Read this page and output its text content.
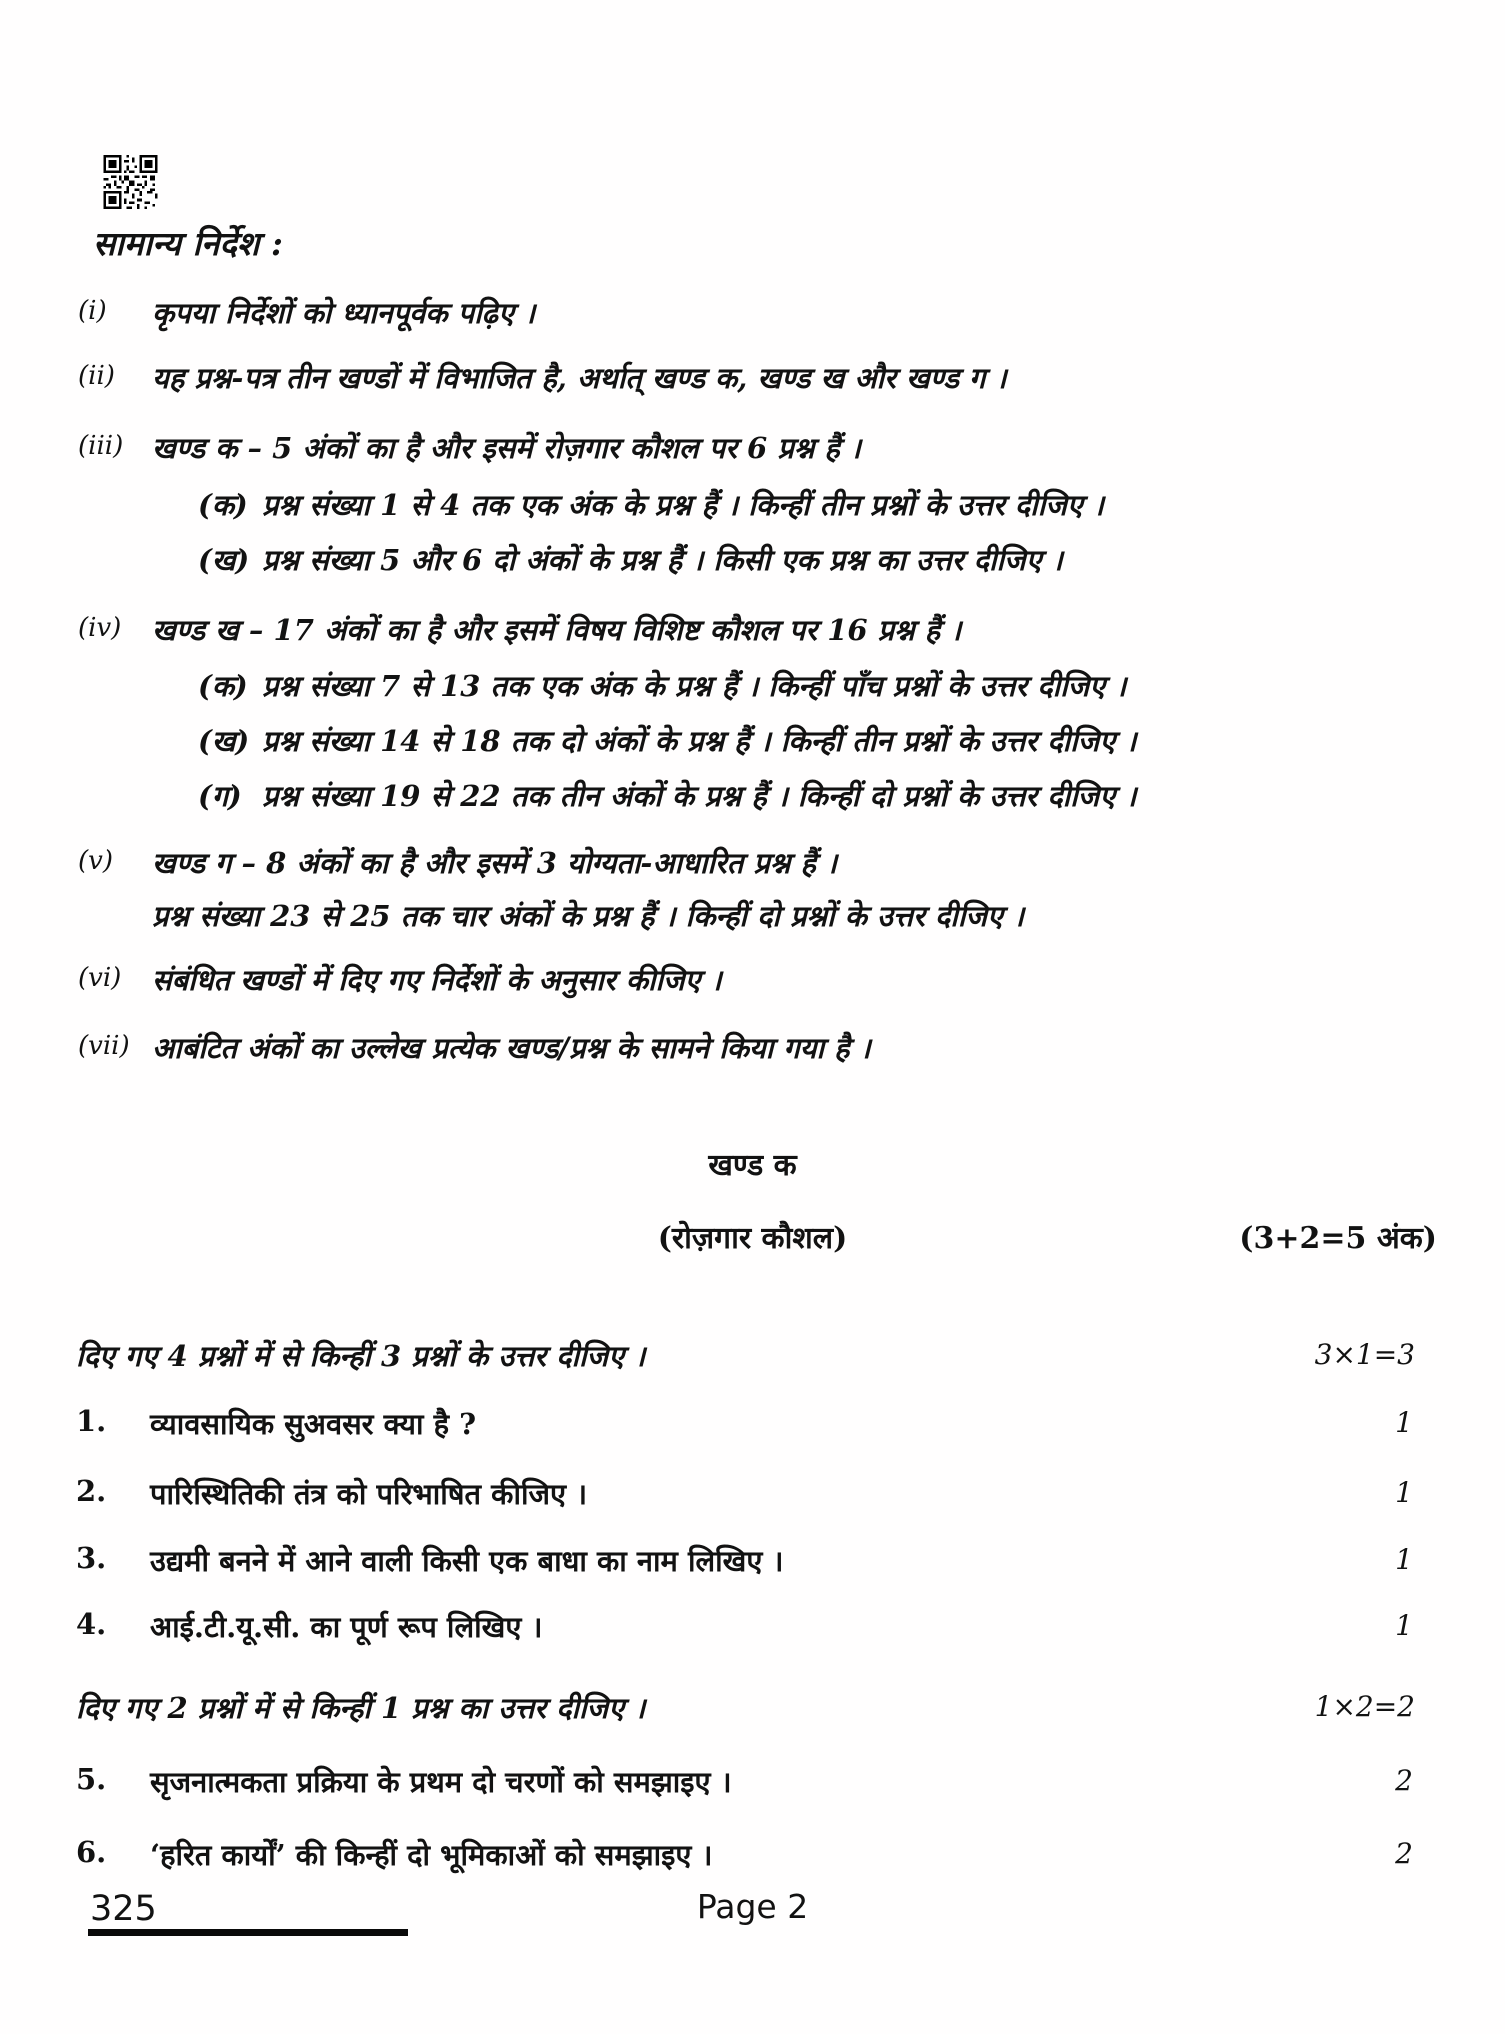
सामान्य निर्देश :
(i) कृपया निर्देशों को ध्यानपूर्वक पढ़िए ।
(ii) यह प्रश्न-पत्र तीन खण्डों में विभाजित है, अर्थात् खण्ड क, खण्ड ख और खण्ड ग ।
(iii) खण्ड क – 5 अंकों का है और इसमें रोज़गार कौशल पर 6 प्रश्न हैं ।
(क) प्रश्न संख्या 1 से 4 तक एक अंक के प्रश्न हैं । किन्हीं तीन प्रश्नों के उत्तर दीजिए ।
(ख) प्रश्न संख्या 5 और 6 दो अंकों के प्रश्न हैं । किसी एक प्रश्न का उत्तर दीजिए ।
(iv) खण्ड ख – 17 अंकों का है और इसमें विषय विशिष्ट कौशल पर 16 प्रश्न हैं ।
(क) प्रश्न संख्या 7 से 13 तक एक अंक के प्रश्न हैं । किन्हीं पाँच प्रश्नों के उत्तर दीजिए ।
(ख) प्रश्न संख्या 14 से 18 तक दो अंकों के प्रश्न हैं । किन्हीं तीन प्रश्नों के उत्तर दीजिए ।
(ग) प्रश्न संख्या 19 से 22 तक तीन अंकों के प्रश्न हैं । किन्हीं दो प्रश्नों के उत्तर दीजिए ।
(v) खण्ड ग – 8 अंकों का है और इसमें 3 योग्यता-आधारित प्रश्न हैं ।
प्रश्न संख्या 23 से 25 तक चार अंकों के प्रश्न हैं । किन्हीं दो प्रश्नों के उत्तर दीजिए ।
(vi) संबंधित खण्डों में दिए गए निर्देशों के अनुसार कीजिए ।
(vii) आबंटित अंकों का उल्लेख प्रत्येक खण्ड/प्रश्न के सामने किया गया है ।
खण्ड क
(रोज़गार कौशल)	(3+2=5 अंक)
दिए गए 4 प्रश्नों में से किन्हीं 3 प्रश्नों के उत्तर दीजिए ।	3×1=3
1. व्यावसायिक सुअवसर क्या है ?	1
2. पारिस्थितिकी तंत्र को परिभाषित कीजिए ।	1
3. उद्यमी बनने में आने वाली किसी एक बाधा का नाम लिखिए ।	1
4. आई.टी.यू.सी. का पूर्ण रूप लिखिए ।	1
दिए गए 2 प्रश्नों में से किन्हीं 1 प्रश्न का उत्तर दीजिए ।	1×2=2
5. सृजनात्मकता प्रक्रिया के प्रथम दो चरणों को समझाइए ।	2
6. ‘हरित कार्यों’ की किन्हीं दो भूमिकाओं को समझाइए ।	2
325	Page 2
